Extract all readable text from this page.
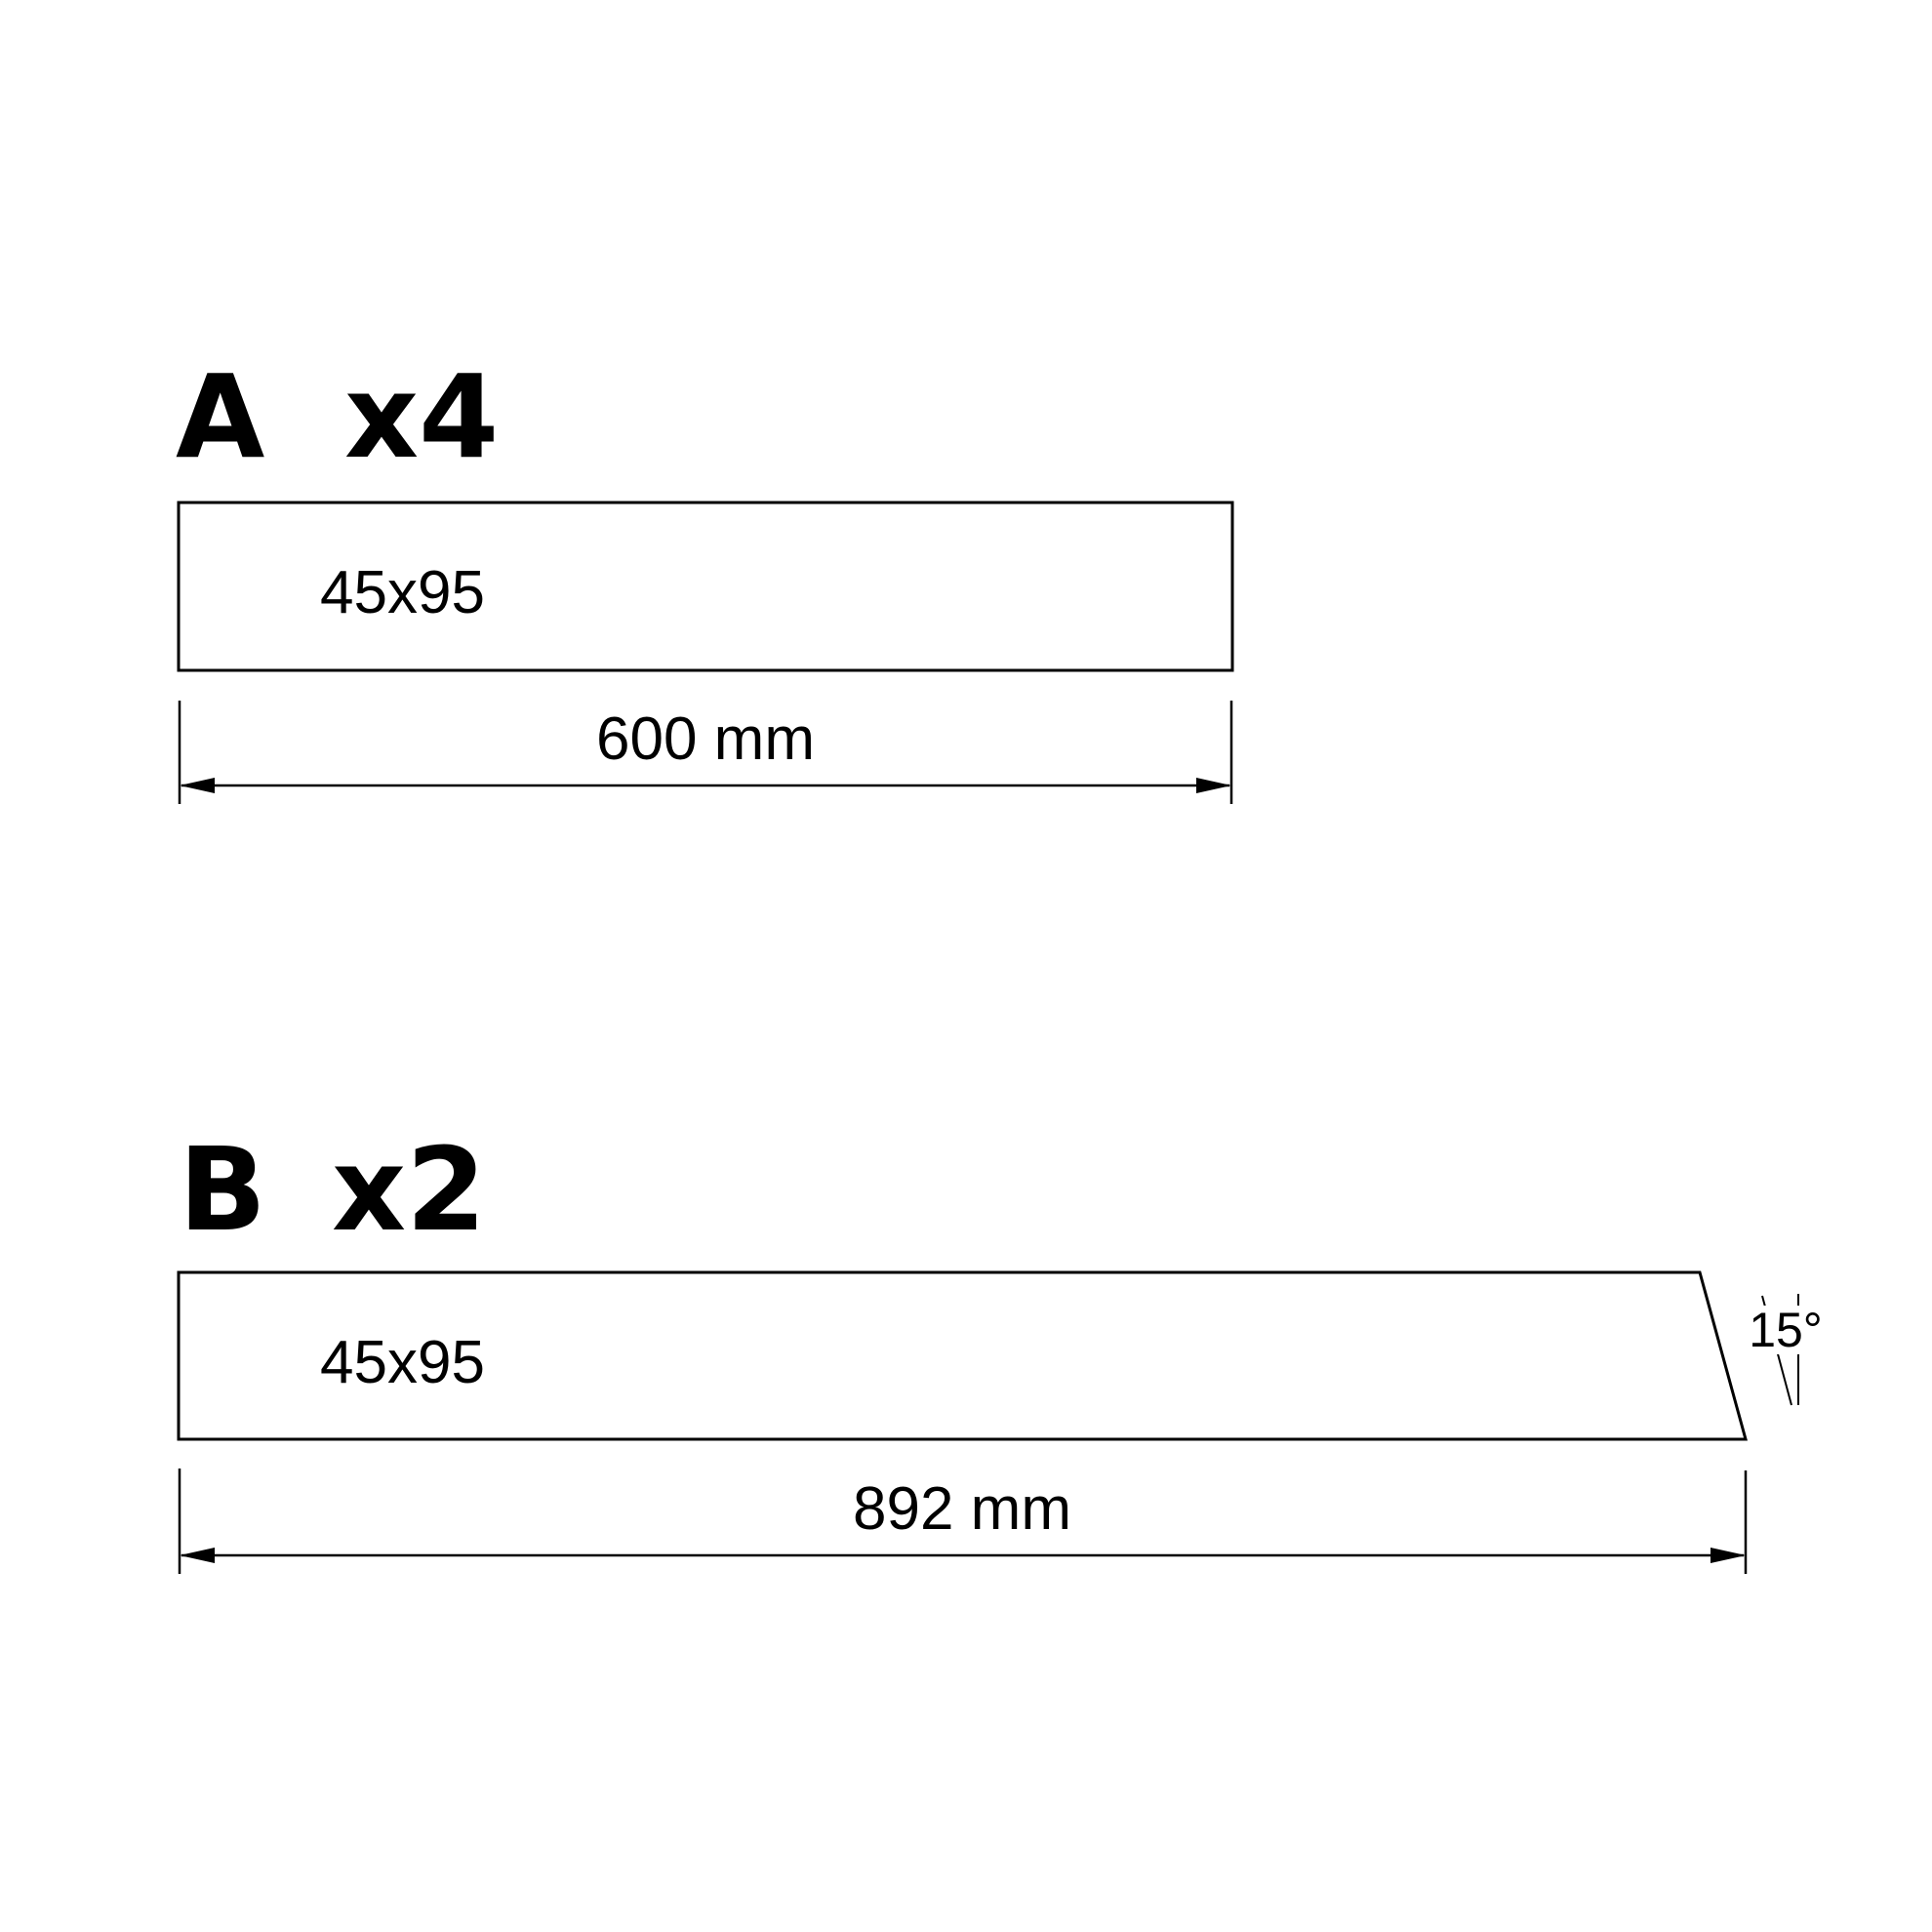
A x4
45x95
600 mm
B x2
45x95	15°
892 mm
